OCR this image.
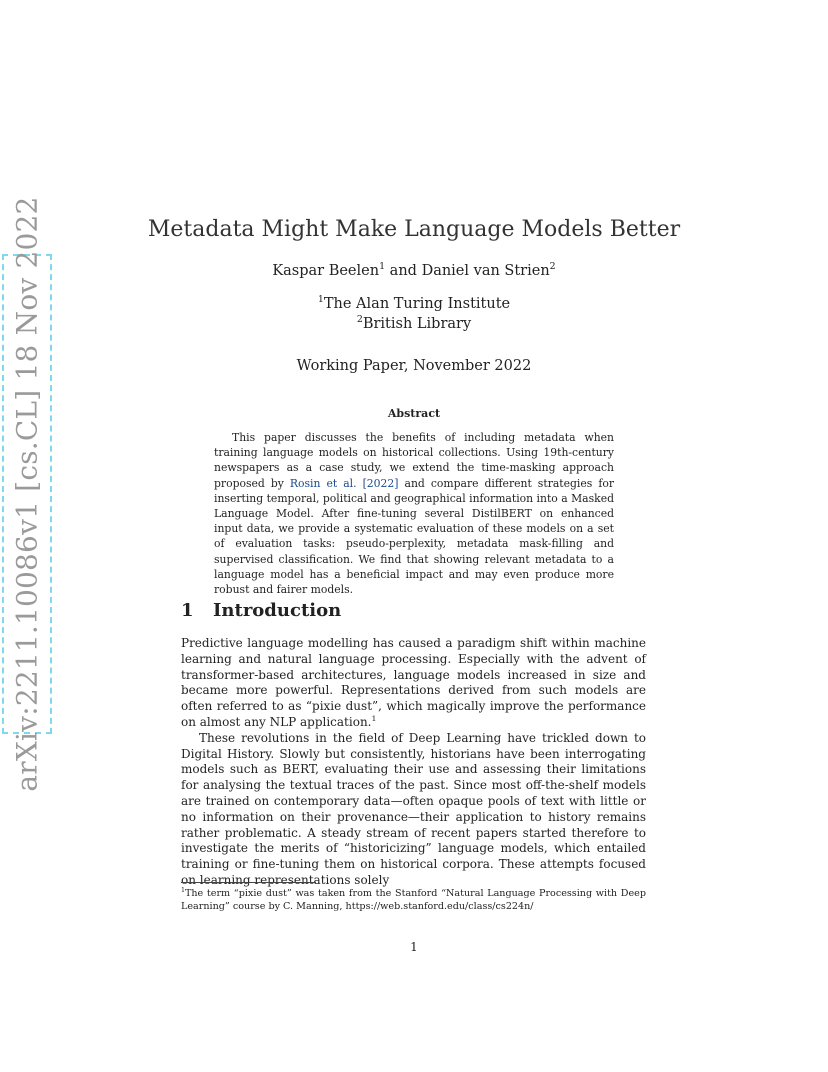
arXiv:2211.10086v1 [cs.CL] 18 Nov 2022	Metadata Might Make Language Models Better
Kaspar Beelen$^1$ and Daniel van Strien$^2$
$^1$The Alan Turing Institute
$^2$British Library
Working Paper, November 2022
Abstract
This paper discusses the benefits of including metadata when training language models on historical collections. Using 19th-century newspapers as a case study, we extend the time-masking approach proposed by Rosin et al. [2022] and compare different strategies for inserting temporal, political and geographical information into a Masked Language Model. After fine-tuning several DistilBERT on enhanced input data, we provide a systematic evaluation of these models on a set of evaluation tasks: pseudo-perplexity, metadata mask-filling and supervised classification. We find that showing relevant metadata to a language model has a beneficial impact and may even produce more robust and fairer models.
1 Introduction

Predictive language modelling has caused a paradigm shift within machine learning and natural language processing. Especially with the advent of transformer-based architectures, language models increased in size and became more powerful. Representations derived from such models are often referred to as “pixie dust”, which magically improve the performance on almost any NLP application.$^1$

These revolutions in the field of Deep Learning have trickled down to Digital History. Slowly but consistently, historians have been interrogating models such as BERT, evaluating their use and assessing their limitations for analysing the textual traces of the past. Since most off-the-shelf models are trained on contemporary data—often opaque pools of text with little or no information on their provenance—their application to history remains rather problematic. A steady stream of recent papers started therefore to investigate the merits of “historicizing” language models, which entailed training or fine-tuning them on historical corpora. These attempts focused on learning representations solely

$^1$The term “pixie dust” was taken from the Stanford “Natural Language Processing with Deep Learning” course by C. Manning, https://web.stanford.edu/class/cs224n/
1
